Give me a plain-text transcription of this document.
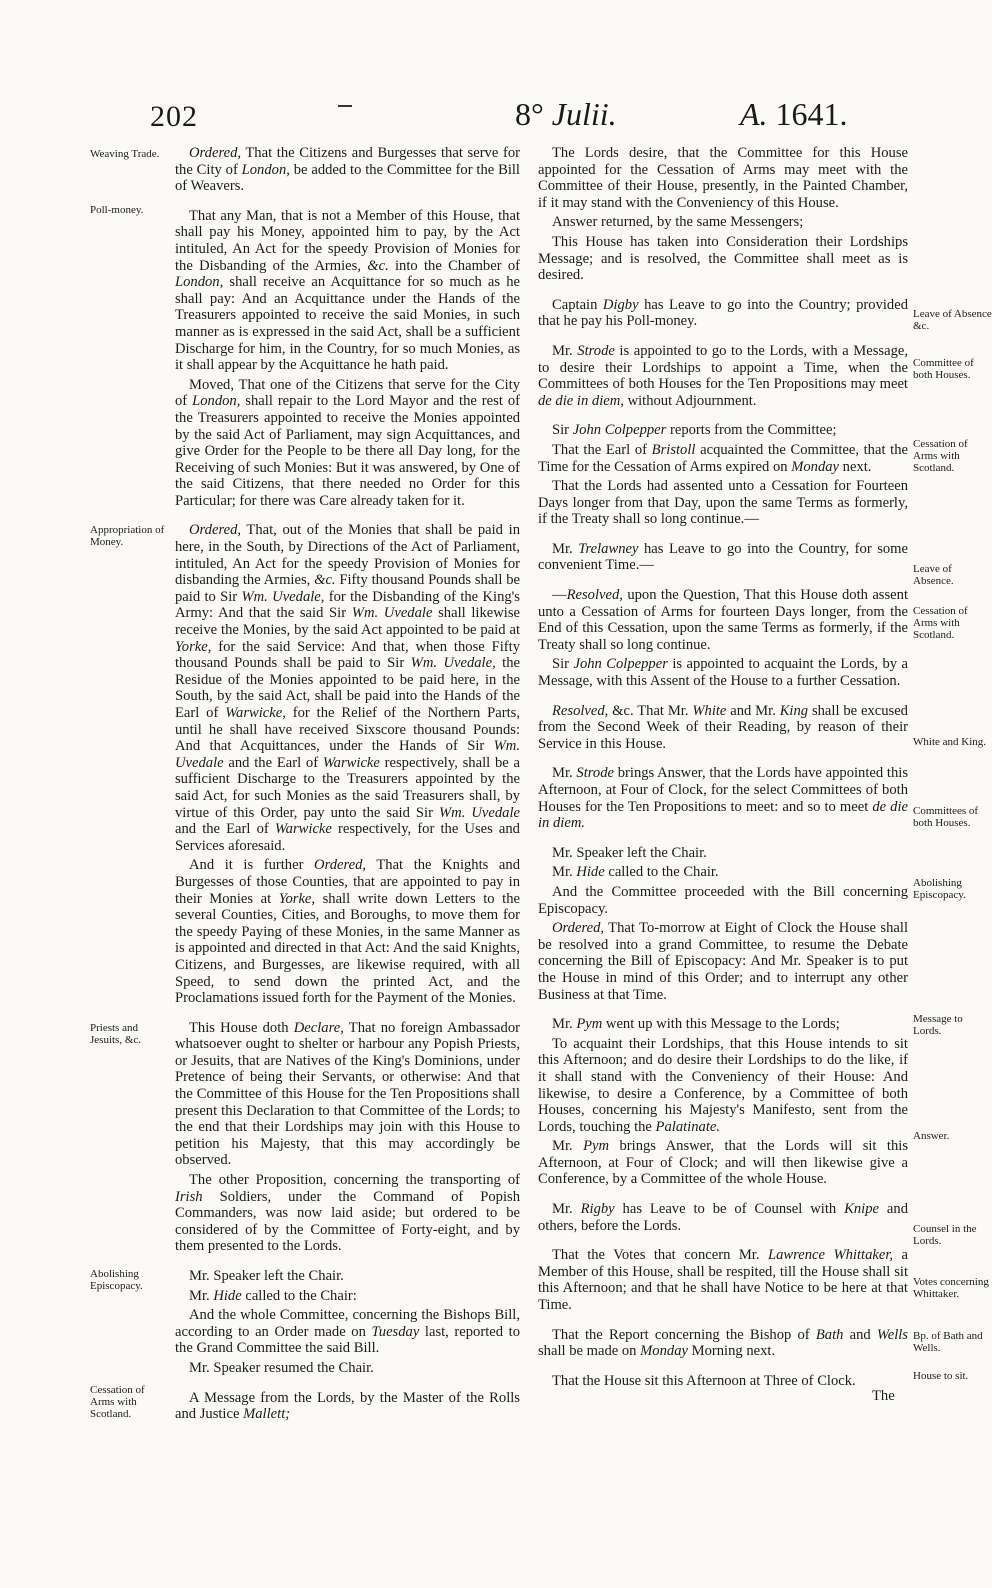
202	8° Julii.	A. 1641.

Ordered, That the Citizens and Burgesses that serve for the City of London, be added to the Committee for the Bill of Weavers.

That any Man, that is not a Member of this House, that shall pay his Money, appointed him to pay, by the Act intituled, An Act for the speedy Provision of Monies for the Disbanding of the Armies, &c. into the Chamber of London, shall receive an Acquittance for so much as he shall pay: And an Acquittance under the Hands of the Treasurers appointed to receive the said Monies, in such manner as is expressed in the said Act, shall be a sufficient Discharge for him, in the Country, for so much Monies, as it shall appear by the Acquittance he hath paid.

Moved, That one of the Citizens that serve for the City of London, shall repair to the Lord Mayor and the rest of the Treasurers appointed to receive the Monies appointed by the said Act of Parliament, may sign Acquittances, and give Order for the People to be there all Day long, for the Receiving of such Monies: But it was answered, by One of the said Citizens, that there needed no Order for this Particular; for there was Care already taken for it.

Ordered, That, out of the Monies that shall be paid in here, in the South, by Directions of the Act of Parliament, intituled, An Act for the speedy Provision of Monies for disbanding the Armies, &c. Fifty thousand Pounds shall be paid to Sir Wm. Uvedale, for the Disbanding of the King's Army: And that the said Sir Wm. Uvedale shall likewise receive the Monies, by the said Act appointed to be paid at Yorke, for the said Service: And that, when those Fifty thousand Pounds shall be paid to Sir Wm. Uvedale, the Residue of the Monies appointed to be paid here, in the South, by the said Act, shall be paid into the Hands of the Earl of Warwicke, for the Relief of the Northern Parts, until he shall have received Sixscore thousand Pounds: And that Acquittances, under the Hands of Sir Wm. Uvedale and the Earl of Warwicke respectively, shall be a sufficient Discharge to the Treasurers appointed by the said Act, for such Monies as the said Treasurers shall, by virtue of this Order, pay unto the said Sir Wm. Uvedale and the Earl of Warwicke respectively, for the Uses and Services aforesaid.

And it is further Ordered, That the Knights and Burgesses of those Counties, that are appointed to pay in their Monies at Yorke, shall write down Letters to the several Counties, Cities, and Boroughs, to move them for the speedy Paying of these Monies, in the same Manner as is appointed and directed in that Act: And the said Knights, Citizens, and Burgesses, are likewise required, with all Speed, to send down the printed Act, and the Proclamations issued forth for the Payment of the Monies.

This House doth Declare, That no foreign Ambassador whatsoever ought to shelter or harbour any Popish Priests, or Jesuits, that are Natives of the King's Dominions, under Pretence of being their Servants, or otherwise: And that the Committee of this House for the Ten Propositions shall present this Declaration to that Committee of the Lords; to the end that their Lordships may join with this House to petition his Majesty, that this may accordingly be observed.

The other Proposition, concerning the transporting of Irish Soldiers, under the Command of Popish Commanders, was now laid aside; but ordered to be considered of by the Committee of Forty-eight, and by them presented to the Lords.

Mr. Speaker left the Chair.

Mr. Hide called to the Chair:

And the whole Committee, concerning the Bishops Bill, according to an Order made on Tuesday last, reported to the Grand Committee the said Bill.

Mr. Speaker resumed the Chair.

A Message from the Lords, by the Master of the Rolls and Justice Mallett;

The Lords desire, that the Committee for this House appointed for the Cessation of Arms may meet with the Committee of their House, presently, in the Painted Chamber, if it may stand with the Conveniency of this House.

Answer returned, by the same Messengers;

This House has taken into Consideration their Lordships Message; and is resolved, the Committee shall meet as is desired.

Captain Digby has Leave to go into the Country; provided that he pay his Poll-money.

Mr. Strode is appointed to go to the Lords, with a Message, to desire their Lordships to appoint a Time, when the Committees of both Houses for the Ten Propositions may meet de die in diem, without Adjournment.

Sir John Colpepper reports from the Committee;

That the Earl of Bristoll acquainted the Committee, that the Time for the Cessation of Arms expired on Monday next.

That the Lords had assented unto a Cessation for Fourteen Days longer from that Day, upon the same Terms as formerly, if the Treaty shall so long continue.—

Mr. Trelawney has Leave to go into the Country, for some convenient Time.—

—Resolved, upon the Question, That this House doth assent unto a Cessation of Arms for fourteen Days longer, from the End of this Cessation, upon the same Terms as formerly, if the Treaty shall so long continue.

Sir John Colpepper is appointed to acquaint the Lords, by a Message, with this Assent of the House to a further Cessation.

Resolved, &c. That Mr. White and Mr. King shall be excused from the Second Week of their Reading, by reason of their Service in this House.

Mr. Strode brings Answer, that the Lords have appointed this Afternoon, at Four of Clock, for the select Committees of both Houses for the Ten Propositions to meet: and so to meet de die in diem.

Mr. Speaker left the Chair.

Mr. Hide called to the Chair.

And the Committee proceeded with the Bill concerning Episcopacy.

Ordered, That To-morrow at Eight of Clock the House shall be resolved into a grand Committee, to resume the Debate concerning the Bill of Episcopacy: And Mr. Speaker is to put the House in mind of this Order; and to interrupt any other Business at that Time.

Mr. Pym went up with this Message to the Lords;

To acquaint their Lordships, that this House intends to sit this Afternoon; and do desire their Lordships to do the like, if it shall stand with the Conveniency of their House: And likewise, to desire a Conference, by a Committee of both Houses, concerning his Majesty's Manifesto, sent from the Lords, touching the Palatinate.

Mr. Pym brings Answer, that the Lords will sit this Afternoon, at Four of Clock; and will then likewise give a Conference, by a Committee of the whole House.

Mr. Rigby has Leave to be of Counsel with Knipe and others, before the Lords.

That the Votes that concern Mr. Lawrence Whittaker, a Member of this House, shall be respited, till the House shall sit this Afternoon; and that he shall have Notice to be here at that Time.

That the Report concerning the Bishop of Bath and Wells shall be made on Monday Morning next.

That the House sit this Afternoon at Three of Clock.

Weaving Trade.
Poll-money.
Appropriation of Money.
Priests and Jesuits, &c.
Abolishing Episcopacy.
Cessation of Arms with Scotland.
Leave of Absence &c.
Committee of both Houses.
Cessation of Arms with Scotland.
Leave of Absence.
Cessation of Arms with Scotland.
White and King.
Committees of both Houses.
Abolishing Episcopacy.
Message to Lords.
Answer.
Counsel in the Lords.
Votes concerning Whittaker.
Bp. of Bath and Wells.
House to sit.
The
